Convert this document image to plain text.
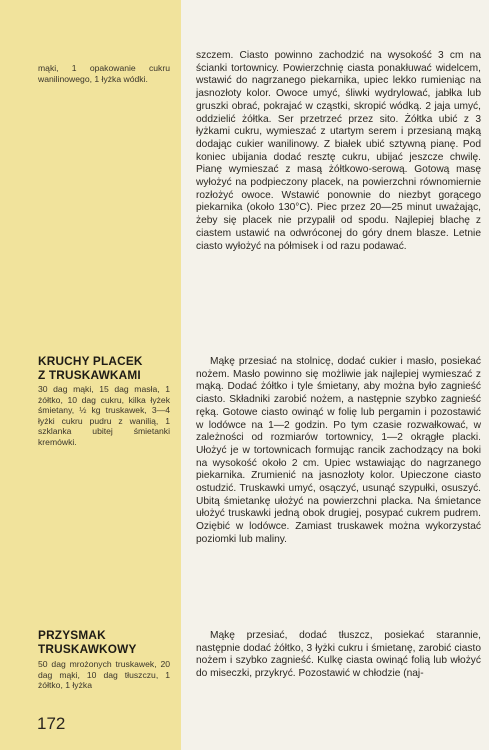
mąki, 1 opakowanie cukru wanilinowego, 1 łyżka wódki.

KRUCHY PLACEK
Z TRUSKAWKAMI

30 dag mąki, 15 dag masła, 1 żółtko, 10 dag cukru, kilka łyżek śmietany, ½ kg truskawek, 3—4 łyżki cukru pudru z wanilią, 1 szklanka ubitej śmietanki kremówki.

PRZYSMAK
TRUSKAWKOWY

50 dag mrożonych truskawek, 20 dag mąki, 10 dag tłuszczu, 1 żółtko, 1 łyżka

172

szczem. Ciasto powinno zachodzić na wysokość 3 cm na ścianki tortownicy. Powierzchnię ciasta ponakłuwać widelcem, wstawić do nagrzanego piekarnika, upiec lekko rumieniąc na jasnozłoty kolor. Owoce umyć, śliwki wydrylować, jabłka lub gruszki obrać, pokrajać w cząstki, skropić wódką. 2 jaja umyć, oddzielić żółtka. Ser przetrzeć przez sito. Żółtka ubić z 3 łyżkami cukru, wymieszać z utartym serem i przesianą mąką dodając cukier wanilinowy. Z białek ubić sztywną pianę. Pod koniec ubijania dodać resztę cukru, ubijać jeszcze chwilę. Pianę wymieszać z masą żółtkowo-serową. Gotową masę wyłożyć na podpieczony placek, na powierzchni równomiernie rozłożyć owoce. Wstawić ponownie do niezbyt gorącego piekarnika (około 130°C). Piec przez 20—25 minut uważając, żeby się placek nie przypalił od spodu. Najlepiej blachę z ciastem ustawić na odwróconej do góry dnem blasze. Letnie ciasto wyłożyć na półmisek i od razu podawać.

Mąkę przesiać na stolnicę, dodać cukier i masło, posiekać nożem. Masło powinno się możliwie jak najlepiej wymieszać z mąką. Dodać żółtko i tyle śmietany, aby można było zagnieść ciasto. Składniki zarobić nożem, a następnie szybko zagnieść ręką. Gotowe ciasto owinąć w folię lub pergamin i pozostawić w lodówce na 1—2 godzin. Po tym czasie rozwałkować, w zależności od rozmiarów tortownicy, 1—2 okrągłe placki. Ułożyć je w tortownicach formując rancik zachodzący na boki na wysokość około 2 cm. Upiec wstawiając do nagrzanego piekarnika. Zrumienić na jasnozłoty kolor. Upieczone ciasto ostudzić. Truskawki umyć, osączyć, usunąć szypułki, osuszyć. Ubitą śmietankę ułożyć na powierzchni placka. Na śmietance ułożyć truskawki jedną obok drugiej, posypać cukrem pudrem. Oziębić w lodówce. Zamiast truskawek można wykorzystać poziomki lub maliny.

Mąkę przesiać, dodać tłuszcz, posiekać starannie, następnie dodać żółtko, 3 łyżki cukru i śmietanę, zarobić ciasto nożem i szybko zagnieść. Kulkę ciasta owinąć folią lub włożyć do miseczki, przykryć. Pozostawić w chłodzie (naj-
